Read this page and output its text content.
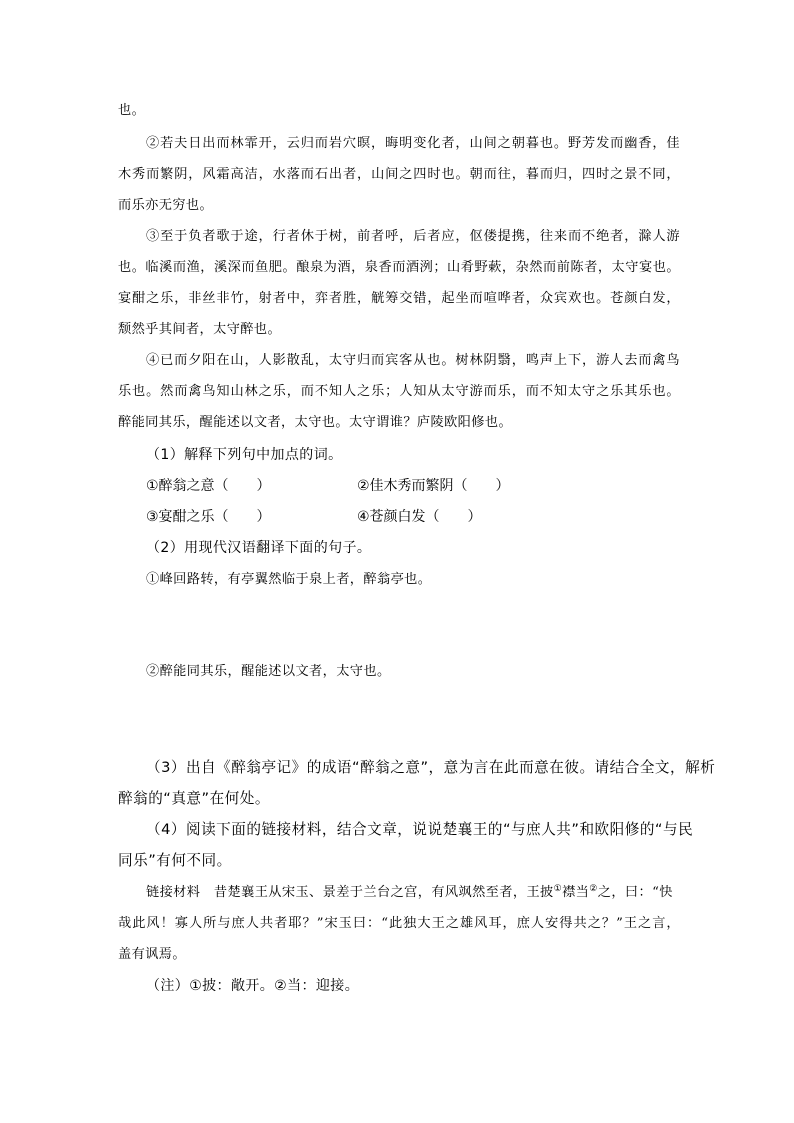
也。
②若夫日出而林霏开，云归而岩穴暝，晦明变化者，山间之朝暮也。野芳发而幽香，佳
木秀而繁阴，风霜高洁，水落而石出者，山间之四时也。朝而往，暮而归，四时之景不同，
而乐亦无穷也。
③至于负者歌于途，行者休于树，前者呼，后者应，伛偻提携，往来而不绝者，滁人游
也。临溪而渔，溪深而鱼肥。酿泉为酒，泉香而酒洌；山肴野蔌，杂然而前陈者，太守宴也。
宴酣之乐，非丝非竹，射者中，弈者胜，觥筹交错，起坐而喧哗者，众宾欢也。苍颜白发，
颓然乎其间者，太守醉也。
④已而夕阳在山，人影散乱，太守归而宾客从也。树林阴翳，鸣声上下，游人去而禽鸟
乐也。然而禽鸟知山林之乐，而不知人之乐；人知从太守游而乐，而不知太守之乐其乐也。
醉能同其乐，醒能述以文者，太守也。太守谓谁？庐陵欧阳修也。
（1）解释下列句中加点的词。
①醉翁之意（　　）	②佳木秀而繁阴（　　）
③宴酣之乐（　　）	④苍颜白发（　　）
（2）用现代汉语翻译下面的句子。
①峰回路转，有亭翼然临于泉上者，醉翁亭也。
②醉能同其乐，醒能述以文者，太守也。
（3）出自《醉翁亭记》的成语“醉翁之意”，意为言在此而意在彼。请结合全文，解析
醉翁的“真意”在何处。
（4）阅读下面的链接材料，结合文章，说说楚襄王的“与庶人共”和欧阳修的“与民
同乐”有何不同。
链接材料　昔楚襄王从宋玉、景差于兰台之宫，有风飒然至者，王披①襟当②之，曰：“快
哉此风！寡人所与庶人共者耶？”宋玉曰：“此独大王之雄风耳，庶人安得共之？”王之言，
盖有讽焉。
（注）①披：敞开。②当：迎接。
